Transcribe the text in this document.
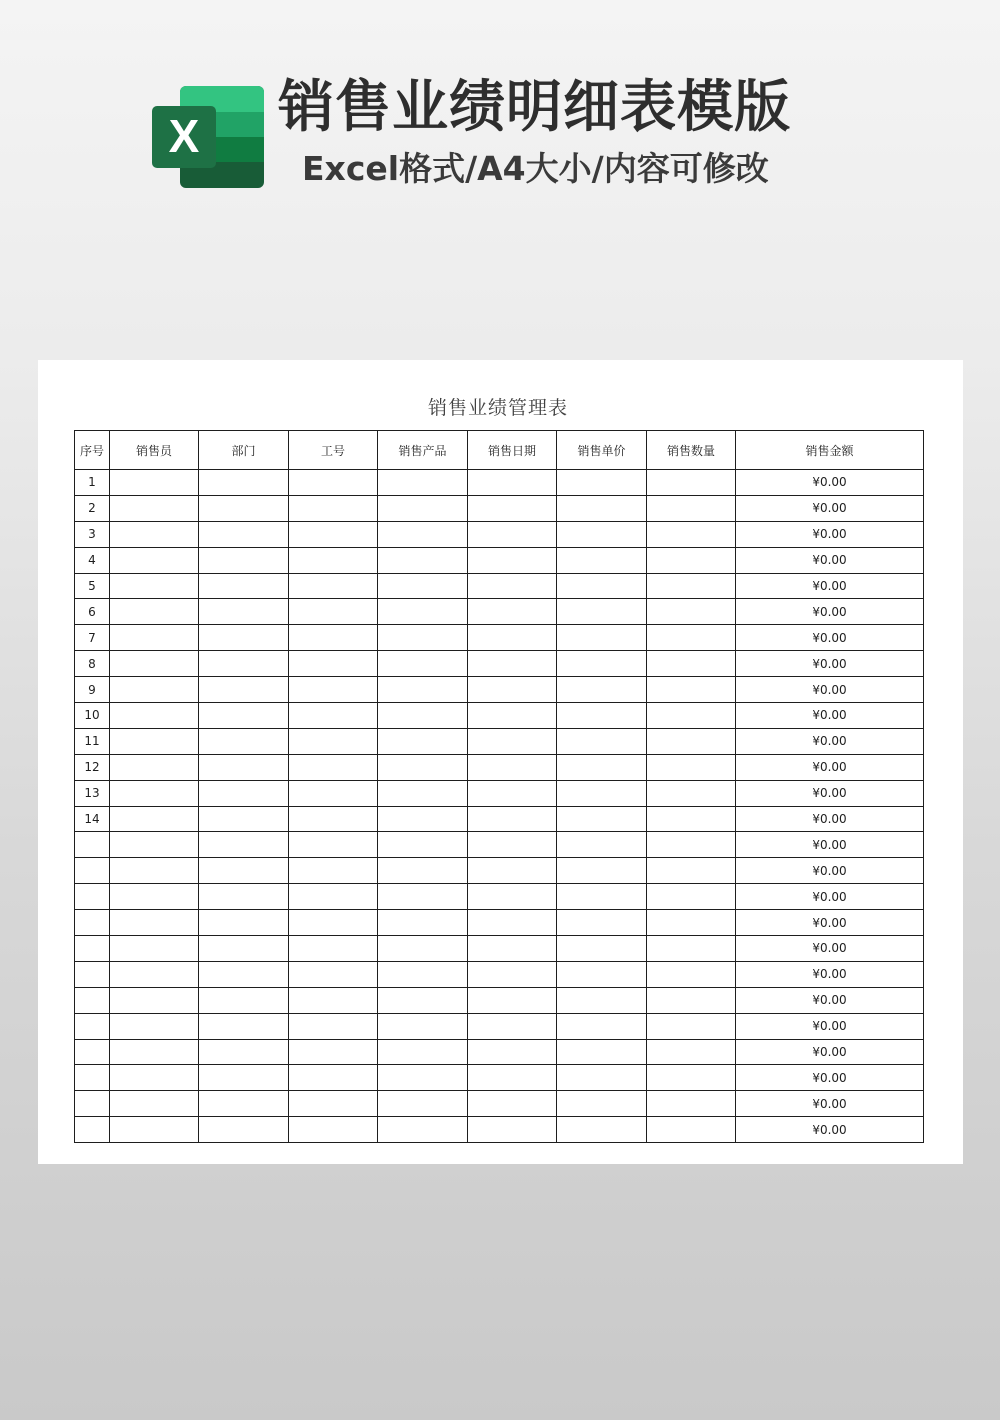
X 销售业绩明细表模版
Excel格式/A4大小/内容可修改
销售业绩管理表
序号	销售员	部门	工号	销售产品	销售日期	销售单价	销售数量	销售金额
1								¥0.00
2								¥0.00
3								¥0.00
4								¥0.00
5								¥0.00
6								¥0.00
7								¥0.00
8								¥0.00
9								¥0.00
10								¥0.00
11								¥0.00
12								¥0.00
13								¥0.00
14								¥0.00
								¥0.00
								¥0.00
								¥0.00
								¥0.00
								¥0.00
								¥0.00
								¥0.00
								¥0.00
								¥0.00
								¥0.00
								¥0.00
								¥0.00
